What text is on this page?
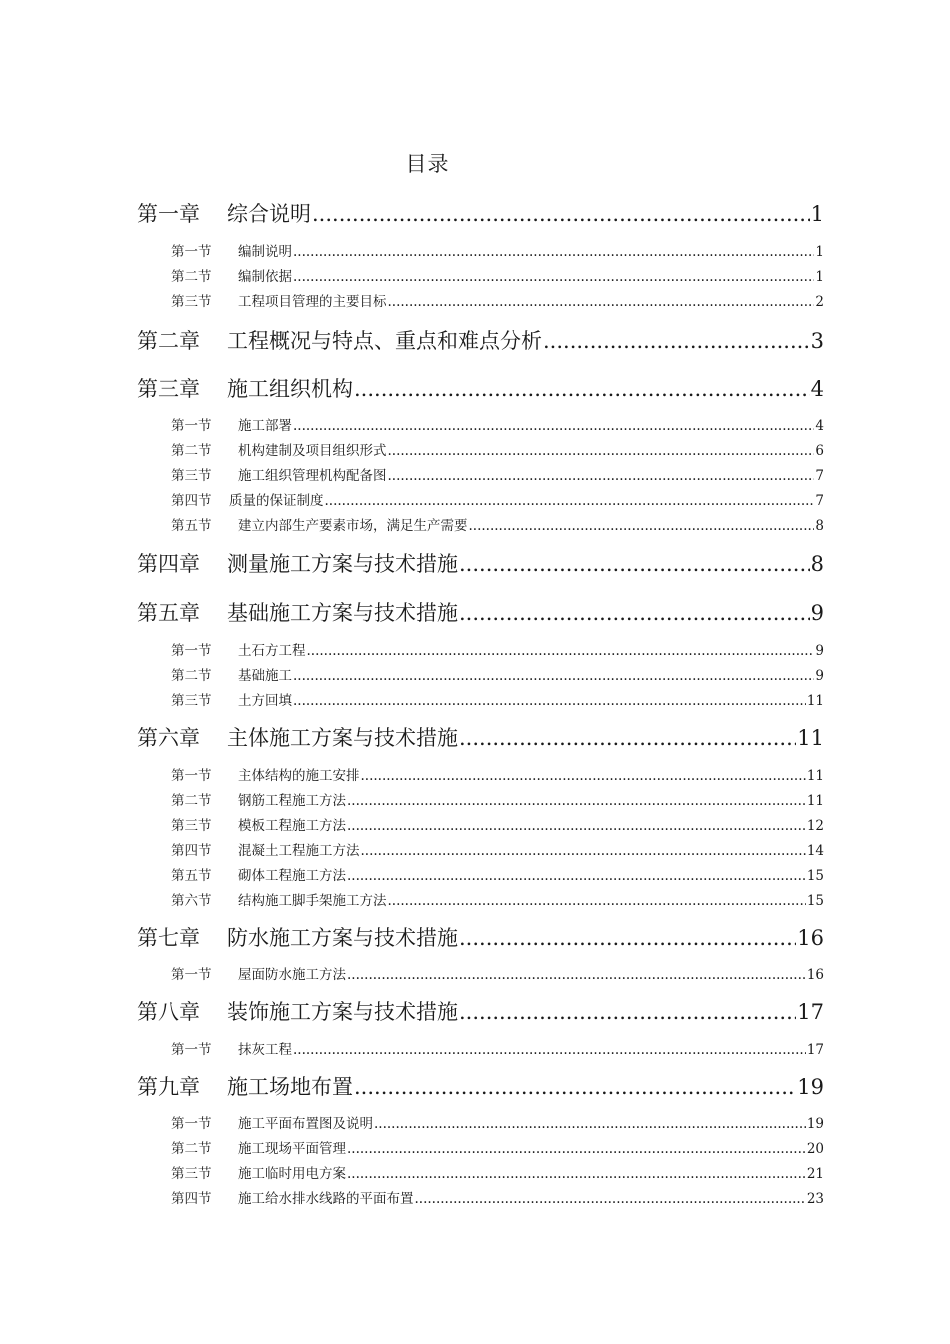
目录
第一章	综合说明 .....	1
第一节	编制说明 .....	1
第二节	编制依据 .....	1
第三节	工程项目管理的主要目标 .....	2
第二章	工程概况与特点、重点和难点分析 .....	3
第三章	施工组织机构 .....	4
第一节	施工部署 .....	4
第二节	机构建制及项目组织形式 .....	6
第三节	施工组织管理机构配备图 .....	7
第四节	质量的保证制度 .....	7
第五节	建立内部生产要素市场，满足生产需要 .....	8
第四章	测量施工方案与技术措施 .....	8
第五章	基础施工方案与技术措施 .....	9
第一节	土石方工程 .....	9
第二节	基础施工 .....	9
第三节	土方回填 .....	11
第六章	主体施工方案与技术措施 .....	11
第一节	主体结构的施工安排 .....	11
第二节	钢筋工程施工方法 .....	11
第三节	模板工程施工方法 .....	12
第四节	混凝土工程施工方法 .....	14
第五节	砌体工程施工方法 .....	15
第六节	结构施工脚手架施工方法 .....	15
第七章	防水施工方案与技术措施 .....	16
第一节	屋面防水施工方法 .....	16
第八章	装饰施工方案与技术措施 .....	17
第一节	抹灰工程 .....	17
第九章	施工场地布置 .....	19
第一节	施工平面布置图及说明 .....	19
第二节	施工现场平面管理 .....	20
第三节	施工临时用电方案 .....	21
第四节	施工给水排水线路的平面布置 .....	23
